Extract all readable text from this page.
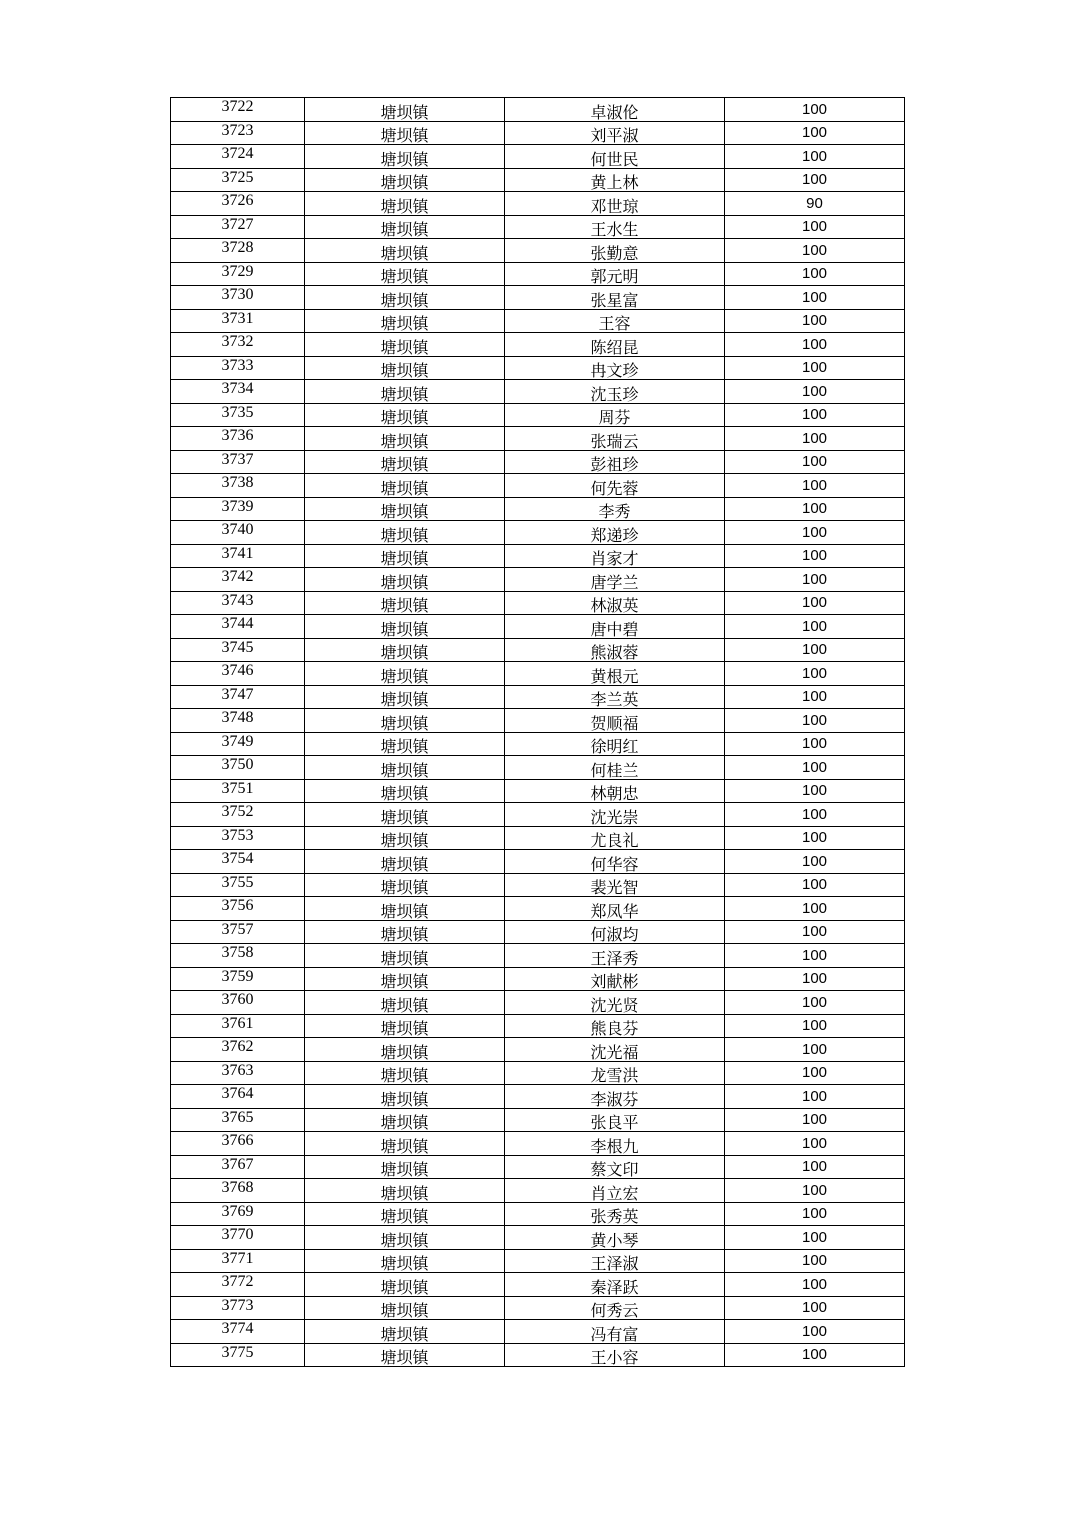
3722	塘坝镇	卓淑伦	100
3723	塘坝镇	刘平淑	100
3724	塘坝镇	何世民	100
3725	塘坝镇	黄上林	100
3726	塘坝镇	邓世琼	90
3727	塘坝镇	王水生	100
3728	塘坝镇	张勤意	100
3729	塘坝镇	郭元明	100
3730	塘坝镇	张星富	100
3731	塘坝镇	王容	100
3732	塘坝镇	陈绍昆	100
3733	塘坝镇	冉文珍	100
3734	塘坝镇	沈玉珍	100
3735	塘坝镇	周芬	100
3736	塘坝镇	张瑞云	100
3737	塘坝镇	彭祖珍	100
3738	塘坝镇	何先蓉	100
3739	塘坝镇	李秀	100
3740	塘坝镇	郑递珍	100
3741	塘坝镇	肖家才	100
3742	塘坝镇	唐学兰	100
3743	塘坝镇	林淑英	100
3744	塘坝镇	唐中碧	100
3745	塘坝镇	熊淑蓉	100
3746	塘坝镇	黄根元	100
3747	塘坝镇	李兰英	100
3748	塘坝镇	贺顺福	100
3749	塘坝镇	徐明红	100
3750	塘坝镇	何桂兰	100
3751	塘坝镇	林朝忠	100
3752	塘坝镇	沈光崇	100
3753	塘坝镇	尤良礼	100
3754	塘坝镇	何华容	100
3755	塘坝镇	裴光智	100
3756	塘坝镇	郑凤华	100
3757	塘坝镇	何淑均	100
3758	塘坝镇	王泽秀	100
3759	塘坝镇	刘献彬	100
3760	塘坝镇	沈光贤	100
3761	塘坝镇	熊良芬	100
3762	塘坝镇	沈光福	100
3763	塘坝镇	龙雪洪	100
3764	塘坝镇	李淑芬	100
3765	塘坝镇	张良平	100
3766	塘坝镇	李根九	100
3767	塘坝镇	蔡文印	100
3768	塘坝镇	肖立宏	100
3769	塘坝镇	张秀英	100
3770	塘坝镇	黄小琴	100
3771	塘坝镇	王泽淑	100
3772	塘坝镇	秦泽跃	100
3773	塘坝镇	何秀云	100
3774	塘坝镇	冯有富	100
3775	塘坝镇	王小容	100
